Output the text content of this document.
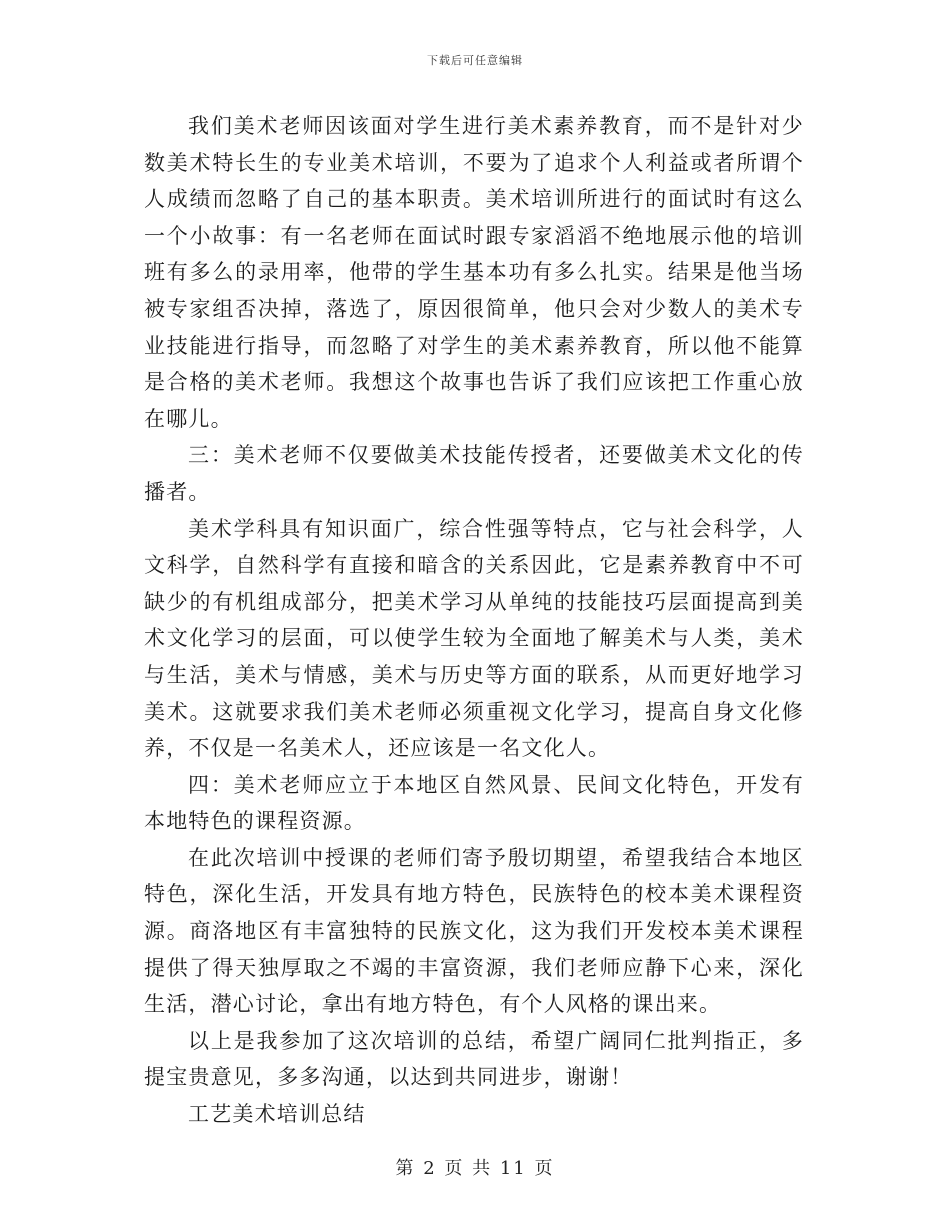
下载后可任意编辑

我们美术老师因该面对学生进行美术素养教育，而不是针对少数美术特长生的专业美术培训，不要为了追求个人利益或者所谓个人成绩而忽略了自己的基本职责。美术培训所进行的面试时有这么一个小故事：有一名老师在面试时跟专家滔滔不绝地展示他的培训班有多么的录用率，他带的学生基本功有多么扎实。结果是他当场被专家组否决掉，落选了，原因很简单，他只会对少数人的美术专业技能进行指导，而忽略了对学生的美术素养教育，所以他不能算是合格的美术老师。我想这个故事也告诉了我们应该把工作重心放在哪儿。

三：美术老师不仅要做美术技能传授者，还要做美术文化的传播者。

美术学科具有知识面广，综合性强等特点，它与社会科学，人文科学，自然科学有直接和暗含的关系因此，它是素养教育中不可缺少的有机组成部分，把美术学习从单纯的技能技巧层面提高到美术文化学习的层面，可以使学生较为全面地了解美术与人类，美术与生活，美术与情感，美术与历史等方面的联系，从而更好地学习美术。这就要求我们美术老师必须重视文化学习，提高自身文化修养，不仅是一名美术人，还应该是一名文化人。

四：美术老师应立于本地区自然风景、民间文化特色，开发有本地特色的课程资源。

在此次培训中授课的老师们寄予殷切期望，希望我结合本地区特色，深化生活，开发具有地方特色，民族特色的校本美术课程资源。商洛地区有丰富独特的民族文化，这为我们开发校本美术课程提供了得天独厚取之不竭的丰富资源，我们老师应静下心来，深化生活，潜心讨论，拿出有地方特色，有个人风格的课出来。

以上是我参加了这次培训的总结，希望广阔同仁批判指正，多提宝贵意见，多多沟通，以达到共同进步，谢谢！

工艺美术培训总结

第 2 页 共 11 页
